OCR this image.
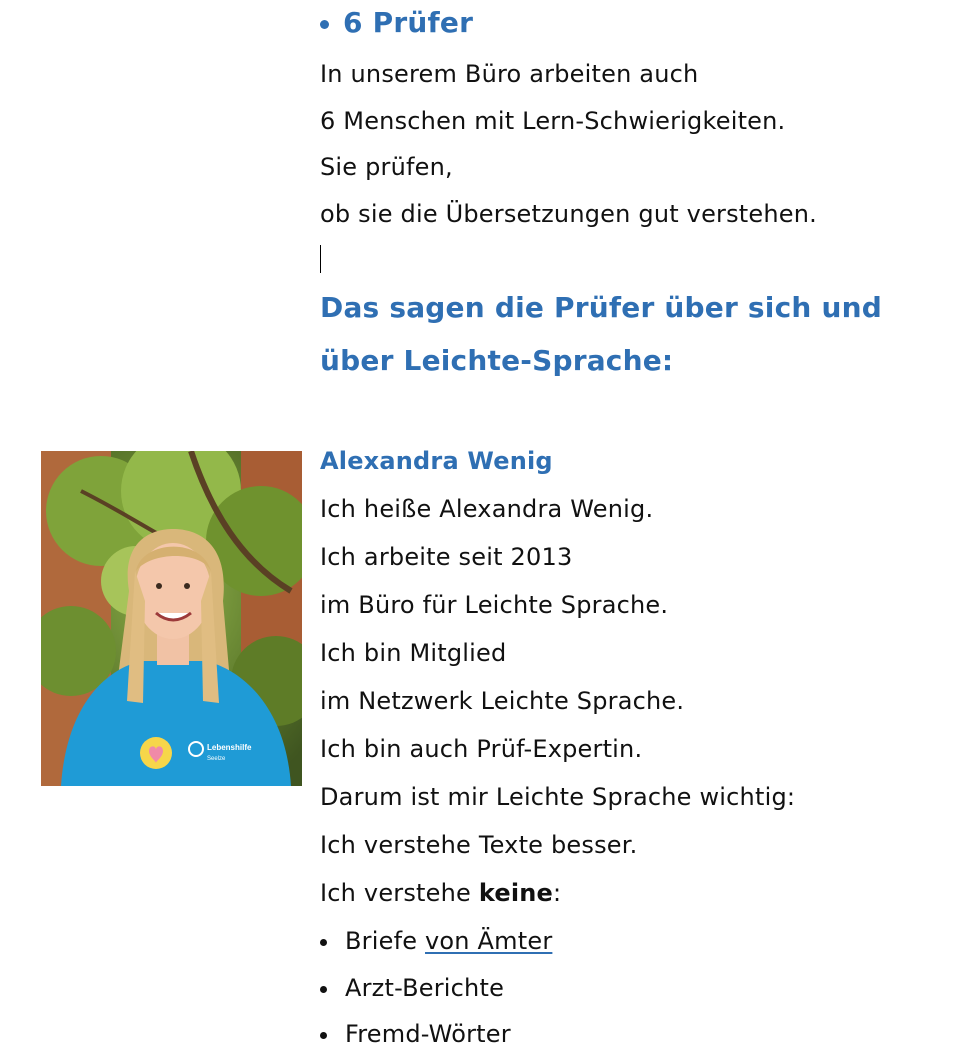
6 Prüfer
In unserem Büro arbeiten auch
6 Menschen mit Lern-Schwierigkeiten.
Sie prüfen,
ob sie die Übersetzungen gut verstehen.
Das sagen die Prüfer über sich und
über Leichte-Sprache:
Lebenshilfe
Seelze
Alexandra Wenig
Ich heiße Alexandra Wenig.
Ich arbeite seit 2013
im Büro für Leichte Sprache.
Ich bin Mitglied
im Netzwerk Leichte Sprache.
Ich bin auch Prüf-Expertin.
Darum ist mir Leichte Sprache wichtig:
Ich verstehe Texte besser.
Ich verstehe keine:
Briefe von Ämter
Arzt-Berichte
Fremd-Wörter
